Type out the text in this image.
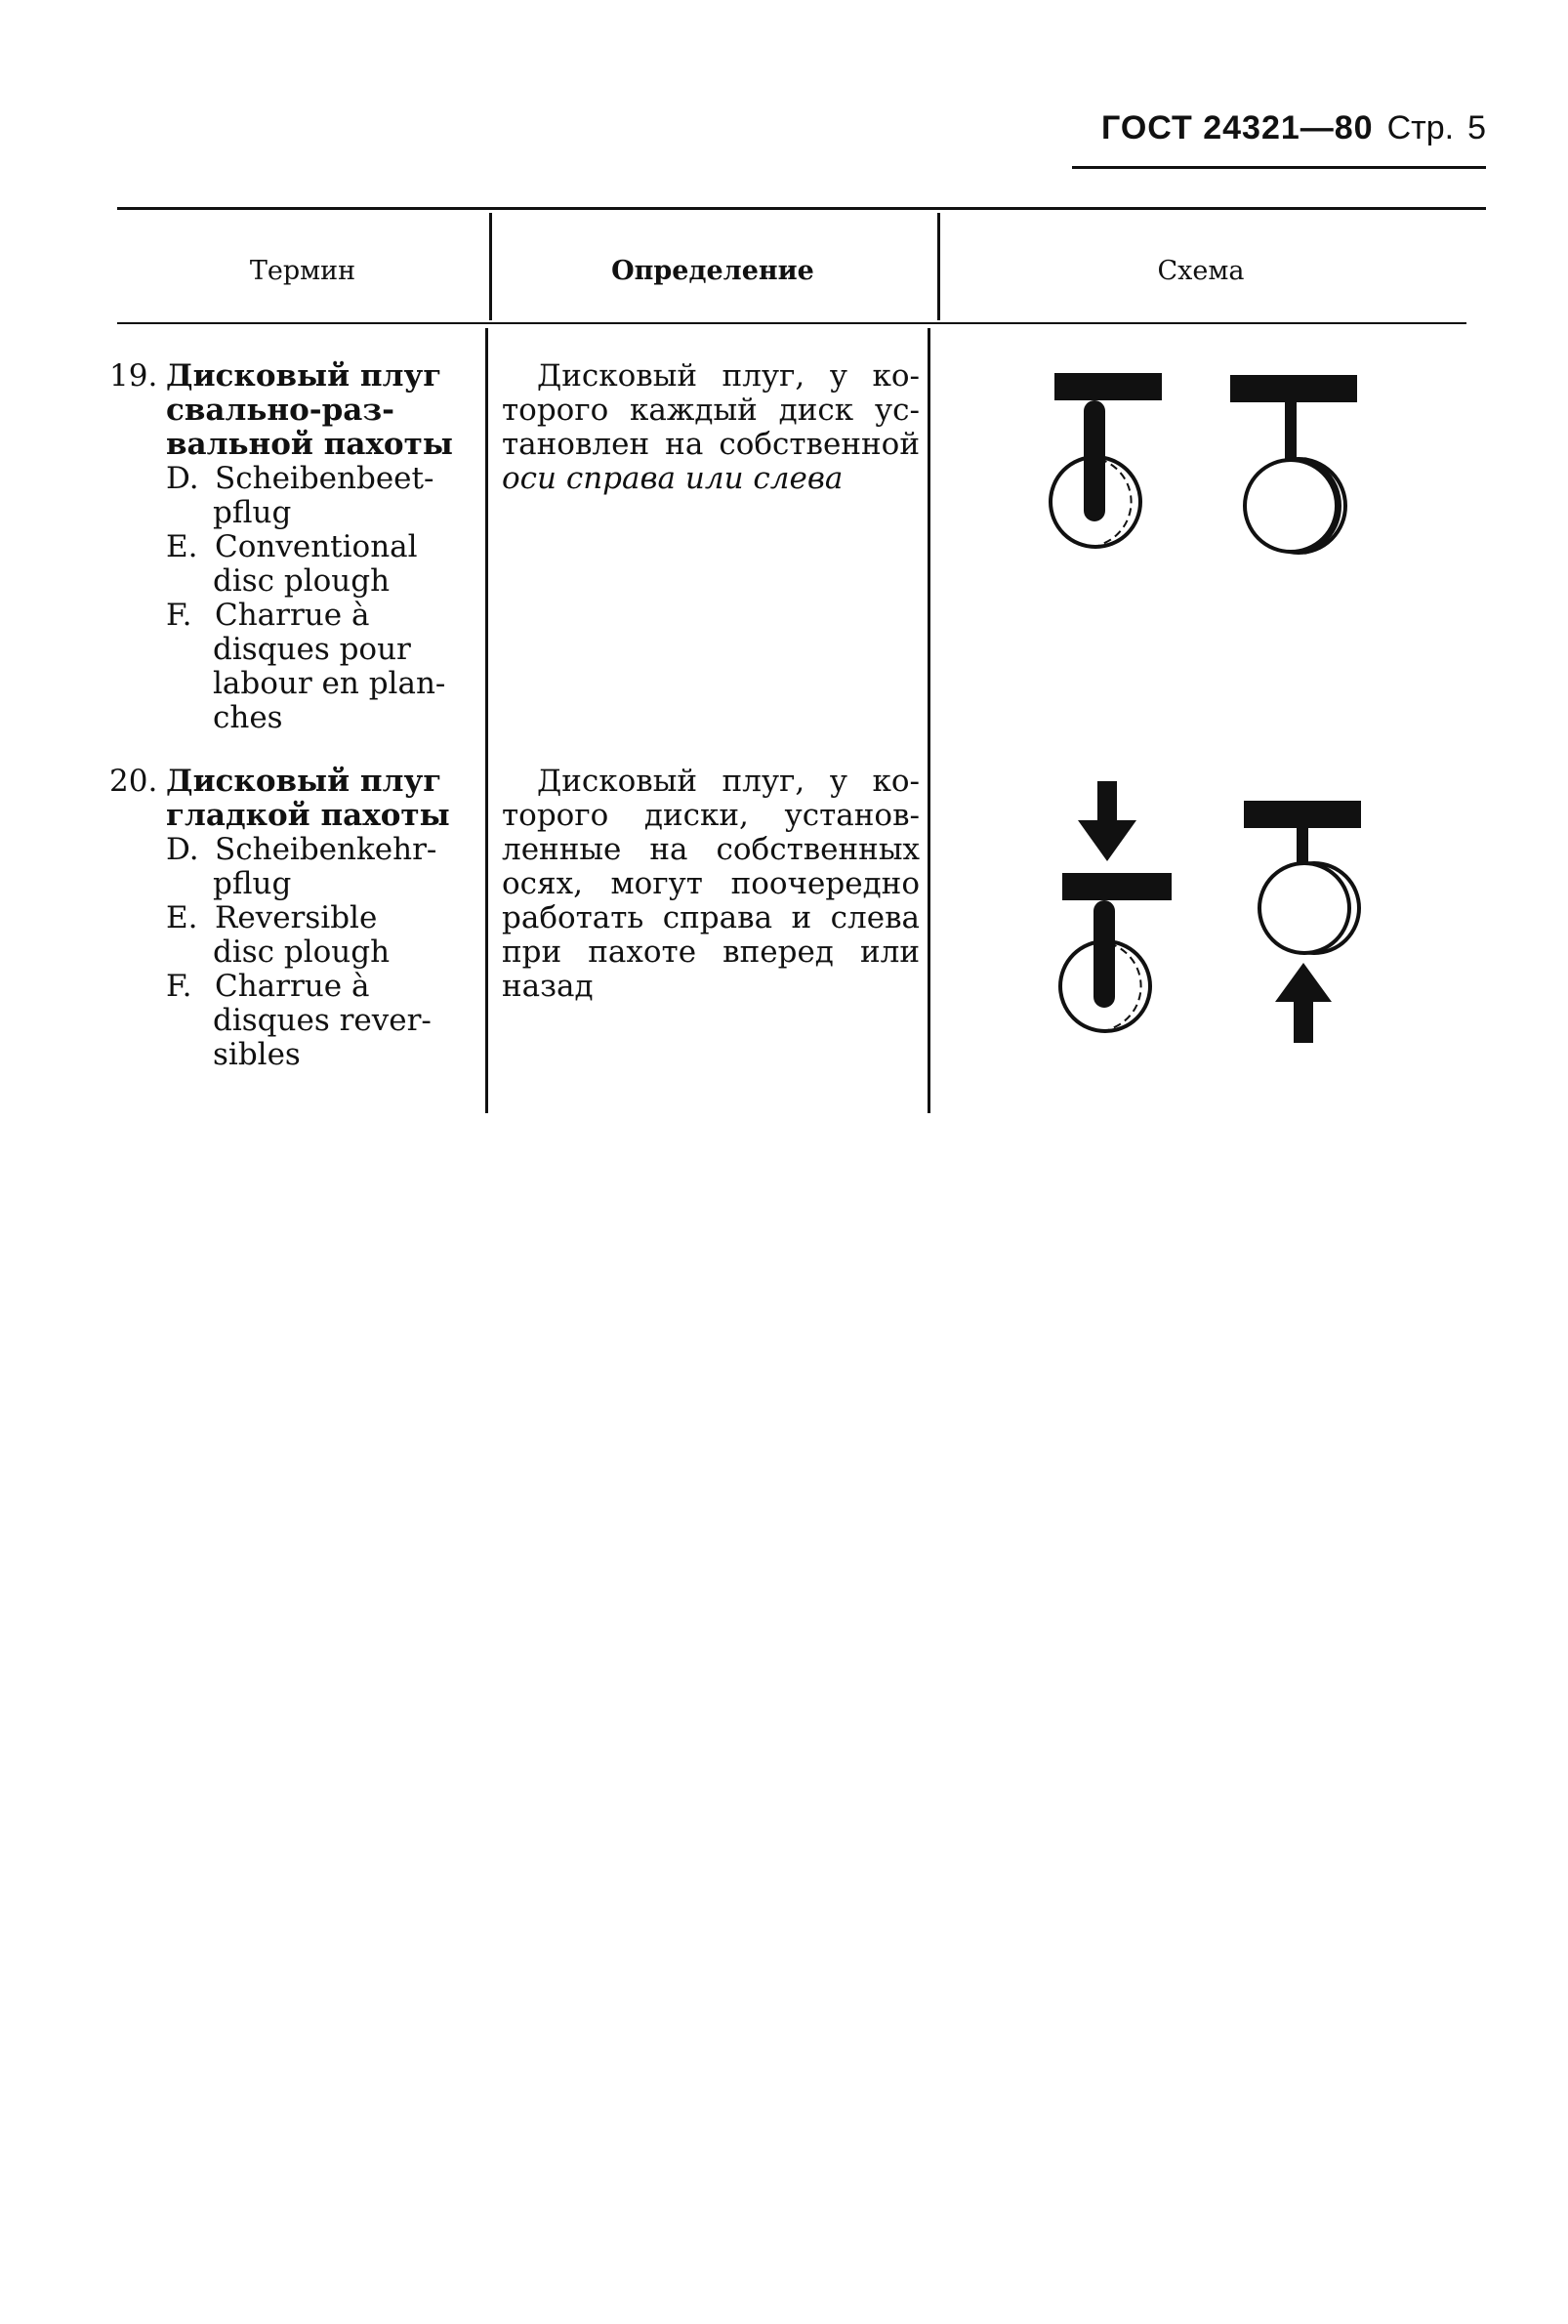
ГОСТ 24321—80 Стр. 5
Термин	Определение	Схема
19. Дисковый плуг
свально-раз-
вальной пахоты
D. Scheibenbeet-
pflug
E. Conventional
disc plough
F. Charrue à
disques pour
labour en plan-
ches
Дисковый плуг, у ко-
торого каждый диск ус-
тановлен на собственной
оси справа или слева
20. Дисковый плуг
гладкой пахоты
D. Scheibenkehr-
pflug
E. Reversible
disc plough
F. Charrue à
disques rever-
sibles
Дисковый плуг, у ко-
торого диски, установ-
ленные на собственных
осях, могут поочередно
работать справа и слева
при пахоте вперед или
назад
